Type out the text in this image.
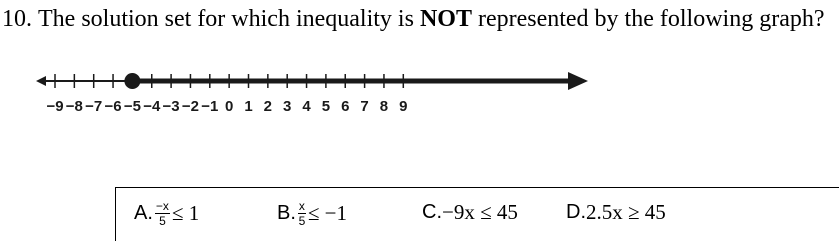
10. The solution set for which inequality is NOT represented by the following graph?
−9 −8 −7 −6 −5 −4 −3 −2 −1 0 1 2 3 4 5 6 7 8 9
A. $\frac{-x}{5} \le 1$	B. $\frac{x}{5} \le -1$	C. −9x ≤ 45 D. 2.5x ≥ 45
